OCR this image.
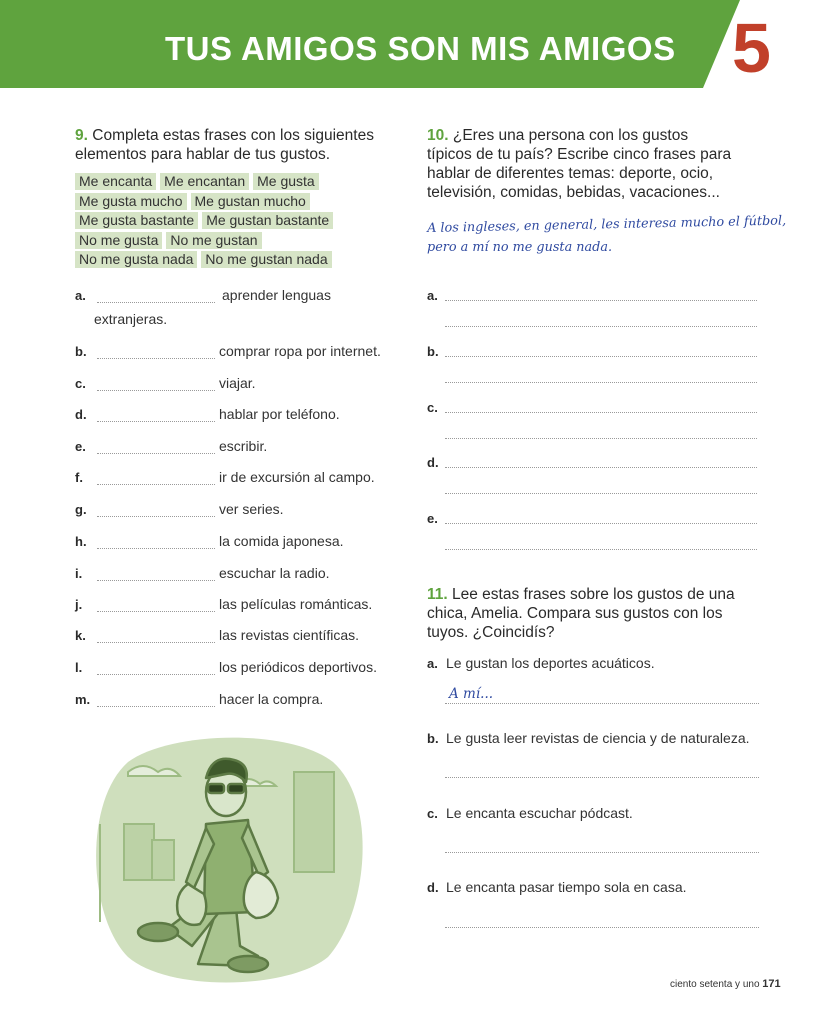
TUS AMIGOS SON MIS AMIGOS 5
9. Completa estas frases con los siguientes
elementos para hablar de tus gustos.
Me encanta Me encantan Me gusta
Me gusta mucho Me gustan mucho
Me gusta bastante Me gustan bastante
No me gusta No me gustan
No me gusta nada No me gustan nada
a.	aprender lenguas
extranjeras.
b.	comprar ropa por internet.
c.	viajar.
d.	hablar por teléfono.
e.	escribir.
f.	ir de excursión al campo.
g.	ver series.
h.	la comida japonesa.
i.	escuchar la radio.
j.	las películas románticas.
k.	las revistas científicas.
l.	los periódicos deportivos.
m.	hacer la compra.
10. ¿Eres una persona con los gustos
típicos de tu país? Escribe cinco frases para
hablar de diferentes temas: deporte, ocio,
televisión, comidas, bebidas, vacaciones...
A los ingleses, en general, les interesa mucho el fútbol,
pero a mí no me gusta nada.
a.
b.
c.
d.
e.
11. Lee estas frases sobre los gustos de una
chica, Amelia. Compara sus gustos con los
tuyos. ¿Coincidís?
a. Le gustan los deportes acuáticos.
A mí...
b. Le gusta leer revistas de ciencia y de naturaleza.
c. Le encanta escuchar pódcast.
d. Le encanta pasar tiempo sola en casa.
ciento setenta y uno 171
